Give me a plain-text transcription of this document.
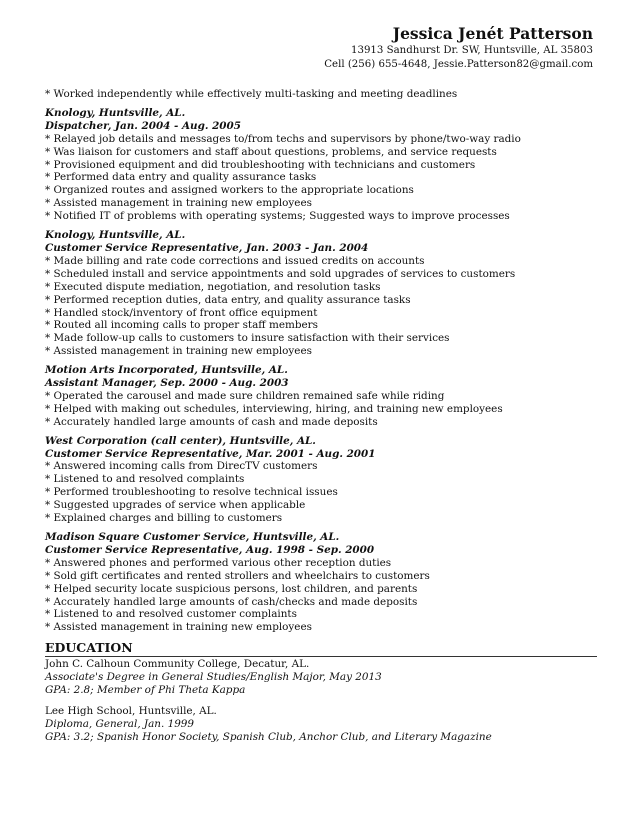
Jessica Jenét Patterson
13913 Sandhurst Dr. SW, Huntsville, AL 35803
Cell (256) 655-4648, Jessie.Patterson82@gmail.com
* Worked independently while effectively multi-tasking and meeting deadlines
Knology, Huntsville, AL.
Dispatcher, Jan. 2004 - Aug. 2005
* Relayed job details and messages to/from techs and supervisors by phone/two-way radio
* Was liaison for customers and staff about questions, problems, and service requests
* Provisioned equipment and did troubleshooting with technicians and customers
* Performed data entry and quality assurance tasks
* Organized routes and assigned workers to the appropriate locations
* Assisted management in training new employees
* Notified IT of problems with operating systems; Suggested ways to improve processes
Knology, Huntsville, AL.
Customer Service Representative, Jan. 2003 - Jan. 2004
* Made billing and rate code corrections and issued credits on accounts
* Scheduled install and service appointments and sold upgrades of services to customers
* Executed dispute mediation, negotiation, and resolution tasks
* Performed reception duties, data entry, and quality assurance tasks
* Handled stock/inventory of front office equipment
* Routed all incoming calls to proper staff members
* Made follow-up calls to customers to insure satisfaction with their services
* Assisted management in training new employees
Motion Arts Incorporated, Huntsville, AL.
Assistant Manager, Sep. 2000 - Aug. 2003
* Operated the carousel and made sure children remained safe while riding
* Helped with making out schedules, interviewing, hiring, and training new employees
* Accurately handled large amounts of cash and made deposits
West Corporation (call center), Huntsville, AL.
Customer Service Representative, Mar. 2001 - Aug. 2001
* Answered incoming calls from DirecTV customers
* Listened to and resolved complaints
* Performed troubleshooting to resolve technical issues
* Suggested upgrades of service when applicable
* Explained charges and billing to customers
Madison Square Customer Service, Huntsville, AL.
Customer Service Representative, Aug. 1998 - Sep. 2000
* Answered phones and performed various other reception duties
* Sold gift certificates and rented strollers and wheelchairs to customers
* Helped security locate suspicious persons, lost children, and parents
* Accurately handled large amounts of cash/checks and made deposits
* Listened to and resolved customer complaints
* Assisted management in training new employees
EDUCATION
John C. Calhoun Community College, Decatur, AL.
Associate's Degree in General Studies/English Major, May 2013
GPA: 2.8; Member of Phi Theta Kappa
Lee High School, Huntsville, AL.
Diploma, General, Jan. 1999
GPA: 3.2; Spanish Honor Society, Spanish Club, Anchor Club, and Literary Magazine
